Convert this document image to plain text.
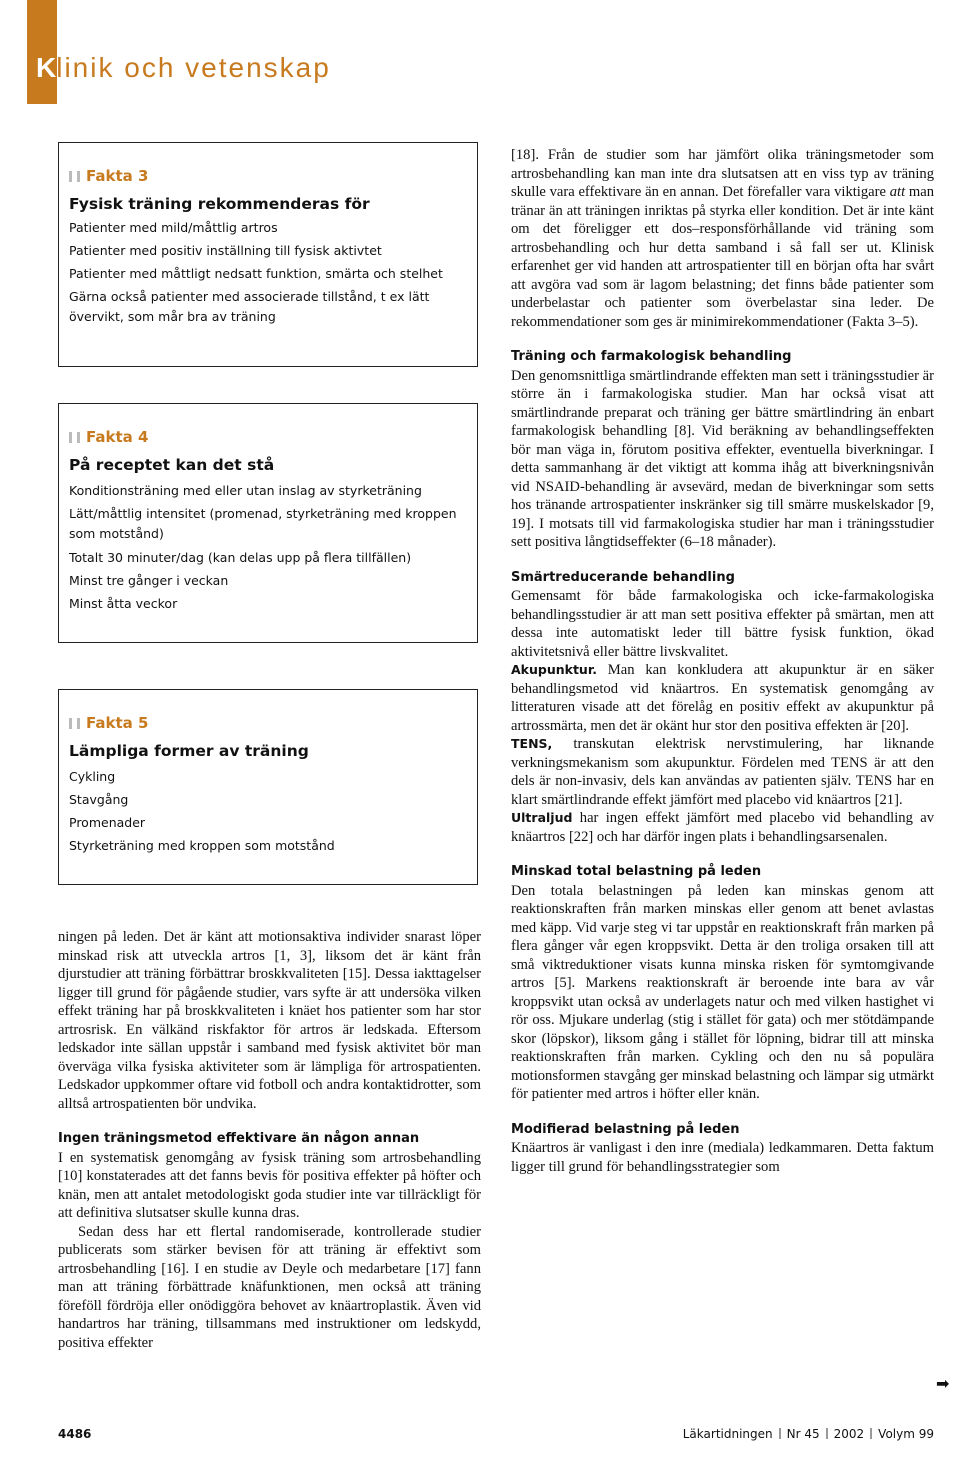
Klinik och vetenskap
Fakta 3
Fysisk träning rekommenderas för
Patienter med mild/måttlig artros
Patienter med positiv inställning till fysisk aktivtet
Patienter med måttligt nedsatt funktion, smärta och stelhet
Gärna också patienter med associerade tillstånd, t ex lätt övervikt, som mår bra av träning
Fakta 4
På receptet kan det stå
Konditionsträning med eller utan inslag av styrketräning
Lätt/måttlig intensitet (promenad, styrketräning med kroppen som motstånd)
Totalt 30 minuter/dag (kan delas upp på flera tillfällen)
Minst tre gånger i veckan
Minst åtta veckor
Fakta 5
Lämpliga former av träning
Cykling
Stavgång
Promenader
Styrketräning med kroppen som motstånd

ningen på leden. Det är känt att motionsaktiva individer snarast löper minskad risk att utveckla artros [1, 3], liksom det är känt från djurstudier att träning förbättrar broskkvaliteten [15]. Dessa iakttagelser ligger till grund för pågående studier, vars syfte är att undersöka vilken effekt träning har på broskkvaliteten i knäet hos patienter som har stor artrosrisk. En välkänd riskfaktor för artros är ledskada. Eftersom ledskador inte sällan uppstår i samband med fysisk aktivitet bör man överväga vilka fysiska aktiviteter som är lämpliga för artrospatienten. Ledskador uppkommer oftare vid fotboll och andra kontaktidrotter, som alltså artrospatienten bör undvika.

Ingen träningsmetod effektivare än någon annan

I en systematisk genomgång av fysisk träning som artrosbehandling [10] konstaterades att det fanns bevis för positiva effekter på höfter och knän, men att antalet metodologiskt goda studier inte var tillräckligt för att definitiva slutsatser skulle kunna dras.

Sedan dess har ett flertal randomiserade, kontrollerade studier publicerats som stärker bevisen för att träning är effektivt som artrosbehandling [16]. I en studie av Deyle och medarbetare [17] fann man att träning förbättrade knäfunktionen, men också att träning föreföll fördröja eller onödiggöra behovet av knäartroplastik. Även vid handartros har träning, tillsammans med instruktioner om ledskydd, positiva effekter

[18]. Från de studier som har jämfört olika träningsmetoder som artrosbehandling kan man inte dra slutsatsen att en viss typ av träning skulle vara effektivare än en annan. Det förefaller vara viktigare att man tränar än att träningen inriktas på styrka eller kondition. Det är inte känt om det föreligger ett dos–responsförhållande vid träning som artrosbehandling och hur detta samband i så fall ser ut. Klinisk erfarenhet ger vid handen att artrospatienter till en början ofta har svårt att avgöra vad som är lagom belastning; det finns både patienter som underbelastar och patienter som överbelastar sina leder. De rekommendationer som ges är minimirekommendationer (Fakta 3–5).

Träning och farmakologisk behandling

Den genomsnittliga smärtlindrande effekten man sett i träningsstudier är större än i farmakologiska studier. Man har också visat att smärtlindrande preparat och träning ger bättre smärtlindring än enbart farmakologisk behandling [8]. Vid beräkning av behandlingseffekten bör man väga in, förutom positiva effekter, eventuella biverkningar. I detta sammanhang är det viktigt att komma ihåg att biverkningsnivån vid NSAID-behandling är avsevärd, medan de biverkningar som setts hos tränande artrospatienter inskränker sig till smärre muskelskador [9, 19]. I motsats till vid farmakologiska studier har man i träningsstudier sett positiva långtidseffekter (6–18 månader).

Smärtreducerande behandling

Gemensamt för både farmakologiska och icke-farmakologiska behandlingsstudier är att man sett positiva effekter på smärtan, men att dessa inte automatiskt leder till bättre fysisk funktion, ökad aktivitetsnivå eller bättre livskvalitet.

Akupunktur. Man kan konkludera att akupunktur är en säker behandlingsmetod vid knäartros. En systematisk genomgång av litteraturen visade att det förelåg en positiv effekt av akupunktur på artrossmärta, men det är okänt hur stor den positiva effekten är [20].

TENS, transkutan elektrisk nervstimulering, har liknande verkningsmekanism som akupunktur. Fördelen med TENS är att den dels är non-invasiv, dels kan användas av patienten själv. TENS har en klart smärtlindrande effekt jämfört med placebo vid knäartros [21].

Ultraljud har ingen effekt jämfört med placebo vid behandling av knäartros [22] och har därför ingen plats i behandlingsarsenalen.

Minskad total belastning på leden

Den totala belastningen på leden kan minskas genom att reaktionskraften från marken minskas eller genom att benet avlastas med käpp. Vid varje steg vi tar uppstår en reaktionskraft från marken på flera gånger vår egen kroppsvikt. Detta är den troliga orsaken till att små viktreduktioner visats kunna minska risken för symtomgivande artros [5]. Markens reaktionskraft är beroende inte bara av vår kroppsvikt utan också av underlagets natur och med vilken hastighet vi rör oss. Mjukare underlag (stig i stället för gata) och mer stötdämpande skor (löpskor), liksom gång i stället för löpning, bidrar till att minska reaktionskraften från marken. Cykling och den nu så populära motionsformen stavgång ger minskad belastning och lämpar sig utmärkt för patienter med artros i höfter eller knän.

Modifierad belastning på leden

Knäartros är vanligast i den inre (mediala) ledkammaren. Detta faktum ligger till grund för behandlingsstrategier som

➡
4486	Läkartidningen Nr 45 2002 Volym 99
